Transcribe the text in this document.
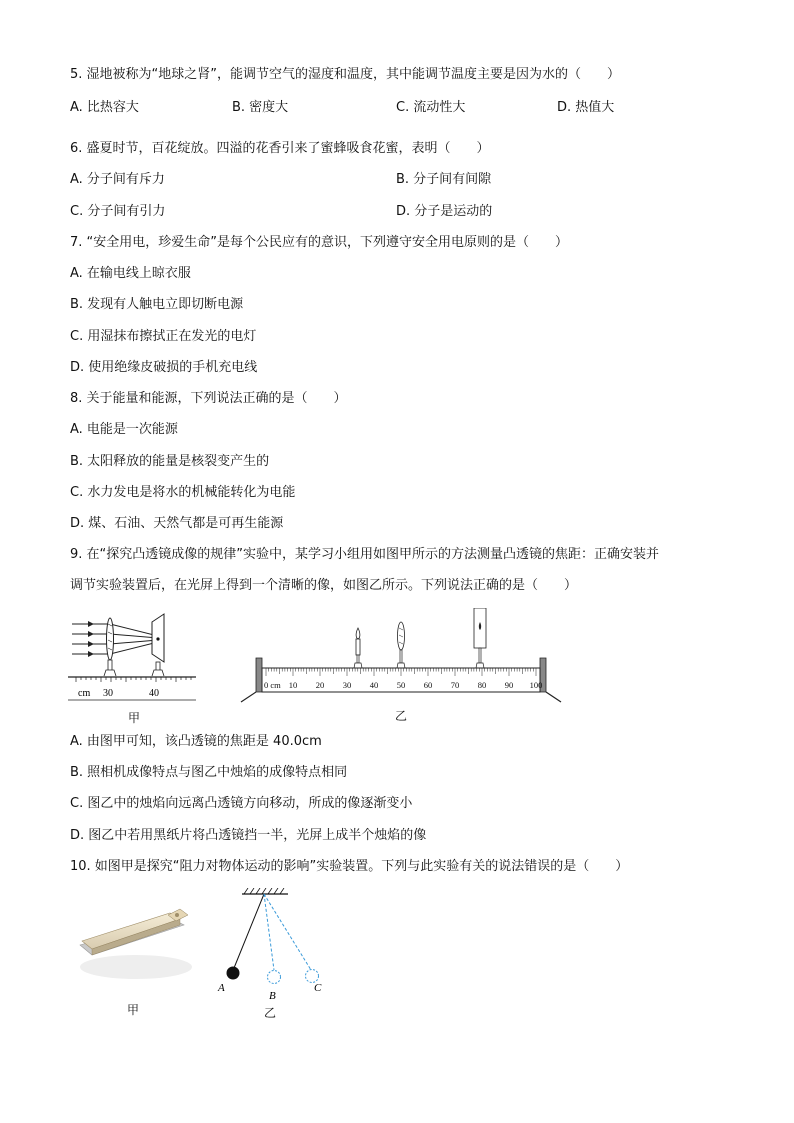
5. 湿地被称为“地球之肾”，能调节空气的湿度和温度，其中能调节温度主要是因为水的（　　）
A. 比热容大	B. 密度大	C. 流动性大	D. 热值大
6. 盛夏时节，百花绽放。四溢的花香引来了蜜蜂吸食花蜜，表明（　　）
A. 分子间有斥力	B. 分子间有间隙
C. 分子间有引力	D. 分子是运动的
7. “安全用电，珍爱生命”是每个公民应有的意识，下列遵守安全用电原则的是（　　）
A. 在输电线上晾衣服
B. 发现有人触电立即切断电源
C. 用湿抹布擦拭正在发光的电灯
D. 使用绝缘皮破损的手机充电线
8. 关于能量和能源，下列说法正确的是（　　）
A. 电能是一次能源
B. 太阳释放的能量是核裂变产生的
C. 水力发电是将水的机械能转化为电能
D. 煤、石油、天然气都是可再生能源
9. 在“探究凸透镜成像的规律”实验中，某学习小组用如图甲所示的方法测量凸透镜的焦距：正确安装并
调节实验装置后，在光屏上得到一个清晰的像，如图乙所示。下列说法正确的是（　　）
cm 30	40
甲
0 cm 10 20 30 40 50 60 70 80 90 100
乙
A. 由图甲可知，该凸透镜的焦距是 40.0cm
B. 照相机成像特点与图乙中烛焰的成像特点相同
C. 图乙中的烛焰向远离凸透镜方向移动，所成的像逐渐变小
D. 图乙中若用黑纸片将凸透镜挡一半，光屏上成半个烛焰的像
10. 如图甲是探究“阻力对物体运动的影响”实验装置。下列与此实验有关的说法错误的是（　　）
甲
A
B
C
乙
